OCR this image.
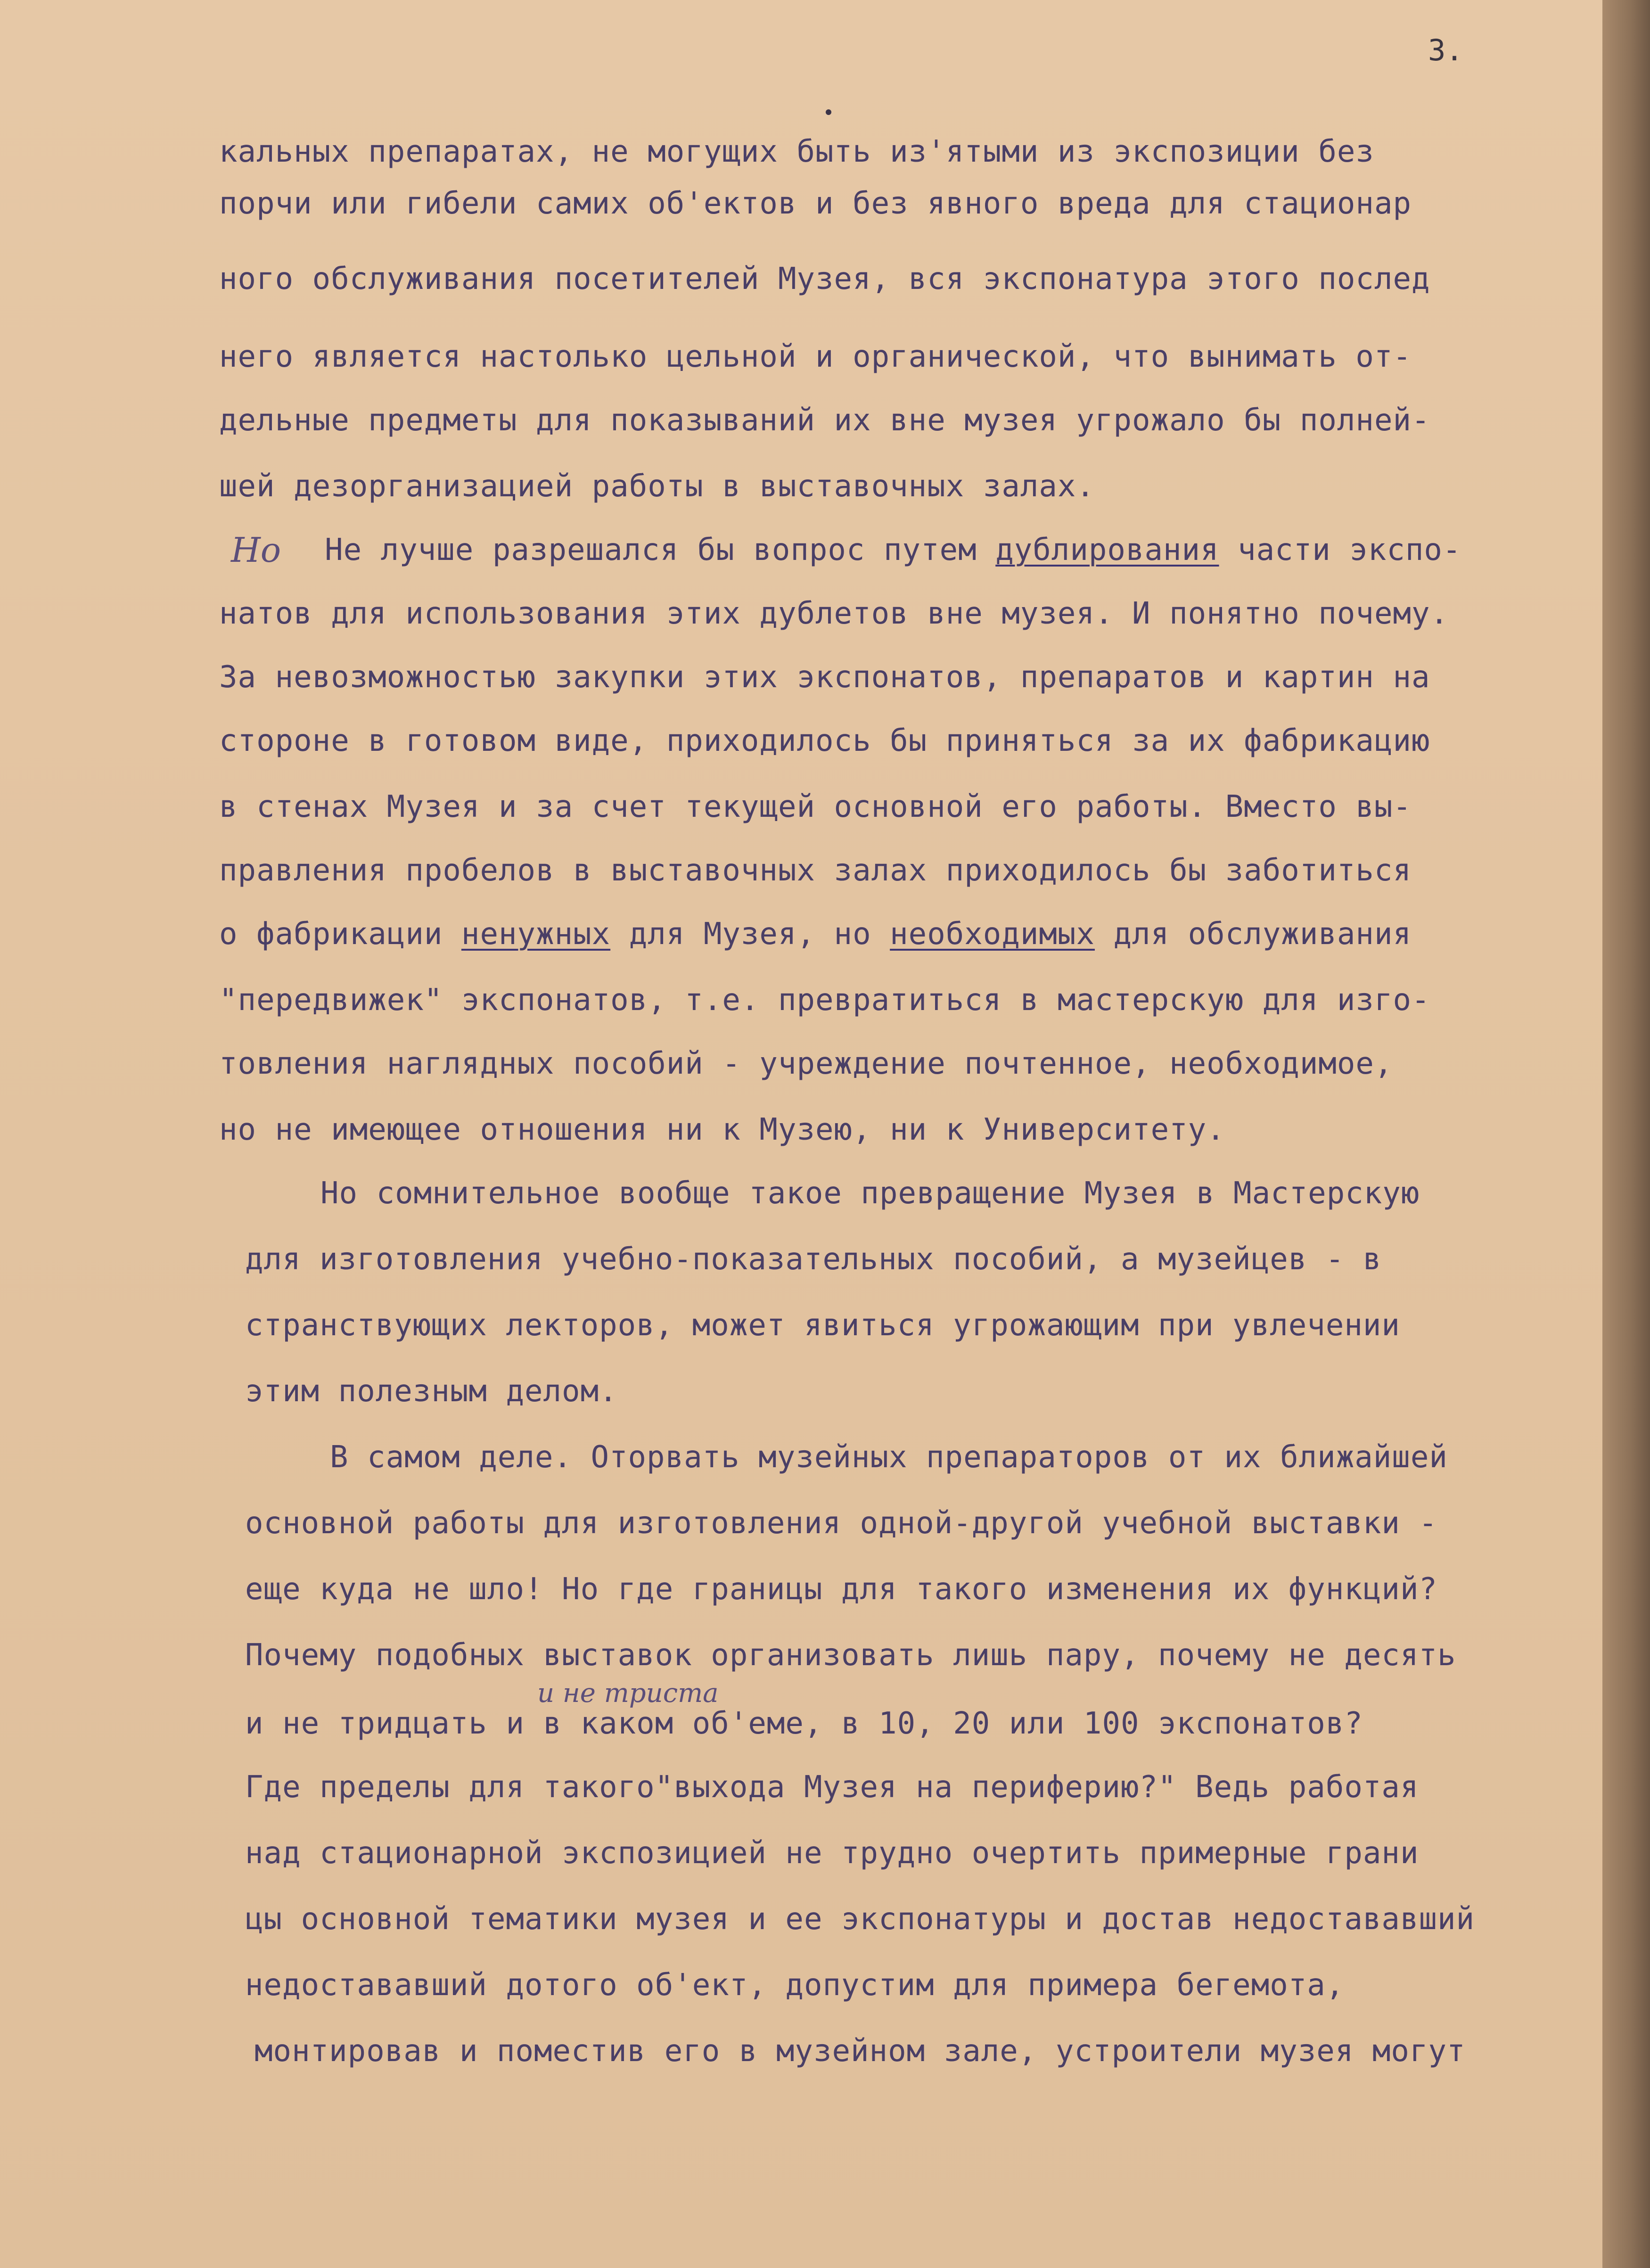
3.
кальных препаратах, не могущих быть из'ятыми из экспозиции без
порчи или гибели самих об'ектов и без явного вреда для стационар
ного обслуживания посетителей Музея, вся экспонатура этого послед
него является настолько цельной и органической, что вынимать от-
дельные предметы для показываний их вне музея угрожало бы полней-
шей дезорганизацией работы в выставочных залах.
Не лучше разрешался бы вопрос путем дублирования части экспо-
натов для использования этих дублетов вне музея. И понятно почему.
За невозможностью закупки этих экспонатов, препаратов и картин на
стороне в готовом виде, приходилось бы приняться за их фабрикацию
в стенах Музея и за счет текущей основной его работы. Вместо вы-
правления пробелов в выставочных залах приходилось бы заботиться
о фабрикации ненужных для Музея, но необходимых для обслуживания
"передвижек" экспонатов, т.е. превратиться в мастерскую для изго-
товления наглядных пособий - учреждение почтенное, необходимое,
но не имеющее отношения ни к Музею, ни к Университету.
Но сомнительное вообще такое превращение Музея в Мастерскую
для изготовления учебно-показательных пособий, а музейцев - в
странствующих лекторов, может явиться угрожающим при увлечении
этим полезным делом.
В самом деле. Оторвать музейных препараторов от их ближайшей
основной работы для изготовления одной-другой учебной выставки -
еще куда не шло! Но где границы для такого изменения их функций?
Почему подобных выставок организовать лишь пару, почему не десять
и не тридцать и в каком об'еме, в 10, 20 или 100 экспонатов?
Где пределы для такого"выхода Музея на периферию?" Ведь работая
над стационарной экспозицией не трудно очертить примерные грани
цы основной тематики музея и ее экспонатуры и достав недостававший
недостававший дотого об'ект, допустим для примера бегемота,
монтировав и поместив его в музейном зале, устроители музея могут
Но
и не триста
